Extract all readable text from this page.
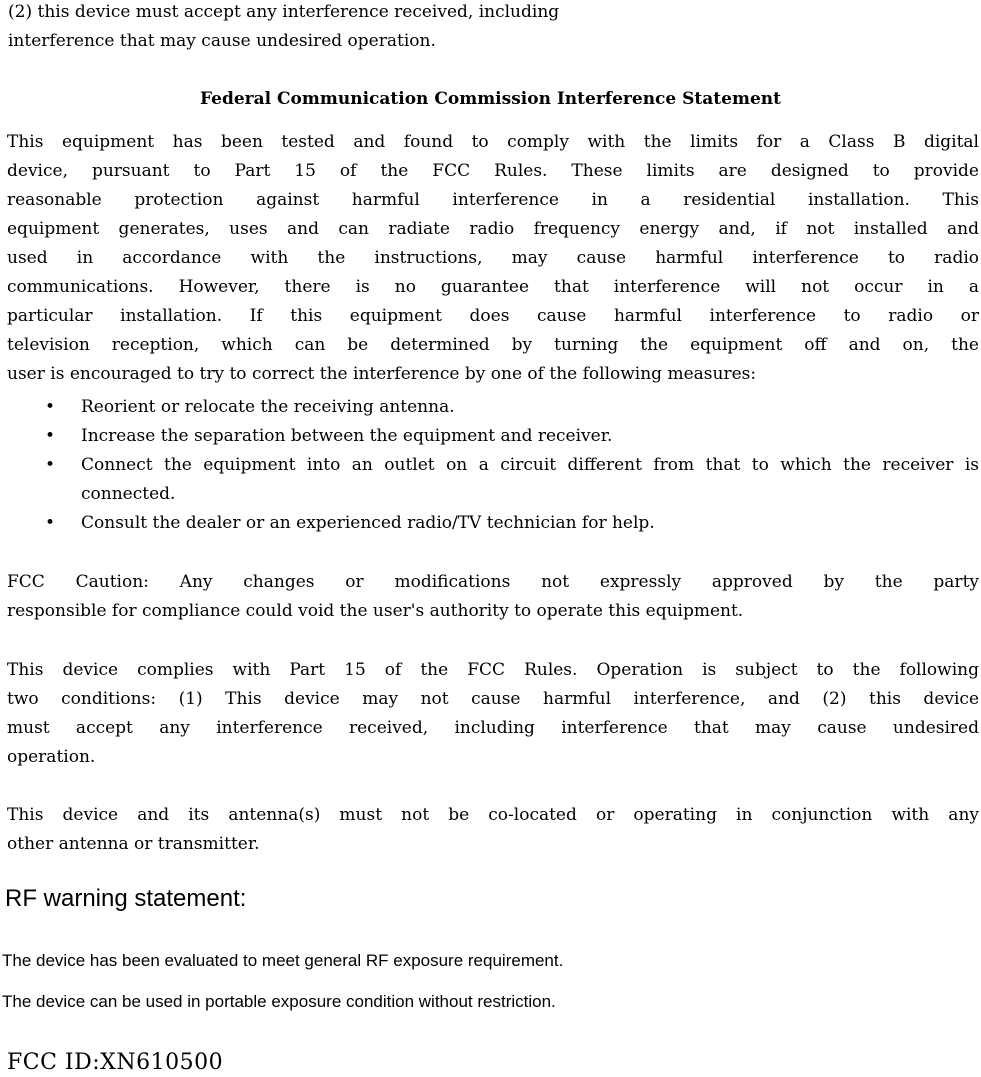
(2) this device must accept any interference received, including
interference that may cause undesired operation.
Federal Communication Commission Interference Statement
This equipment has been tested and found to comply with the limits for a Class B digital
device, pursuant to Part 15 of the FCC Rules. These limits are designed to provide
reasonable protection against harmful interference in a residential installation. This
equipment generates, uses and can radiate radio frequency energy and, if not installed and
used in accordance with the instructions, may cause harmful interference to radio
communications. However, there is no guarantee that interference will not occur in a
particular installation. If this equipment does cause harmful interference to radio or
television reception, which can be determined by turning the equipment off and on, the
user is encouraged to try to correct the interference by one of the following measures:
• Reorient or relocate the receiving antenna.
• Increase the separation between the equipment and receiver.
• Connect the equipment into an outlet on a circuit different from that to which the receiver is connected.
• Consult the dealer or an experienced radio/TV technician for help.
FCC Caution: Any changes or modifications not expressly approved by the party
responsible for compliance could void the user's authority to operate this equipment.
This device complies with Part 15 of the FCC Rules. Operation is subject to the following
two conditions: (1) This device may not cause harmful interference, and (2) this device
must accept any interference received, including interference that may cause undesired
operation.
This device and its antenna(s) must not be co-located or operating in conjunction with any
other antenna or transmitter.
RF warning statement:
The device has been evaluated to meet general RF exposure requirement.
The device can be used in portable exposure condition without restriction.
FCC ID:XN610500
